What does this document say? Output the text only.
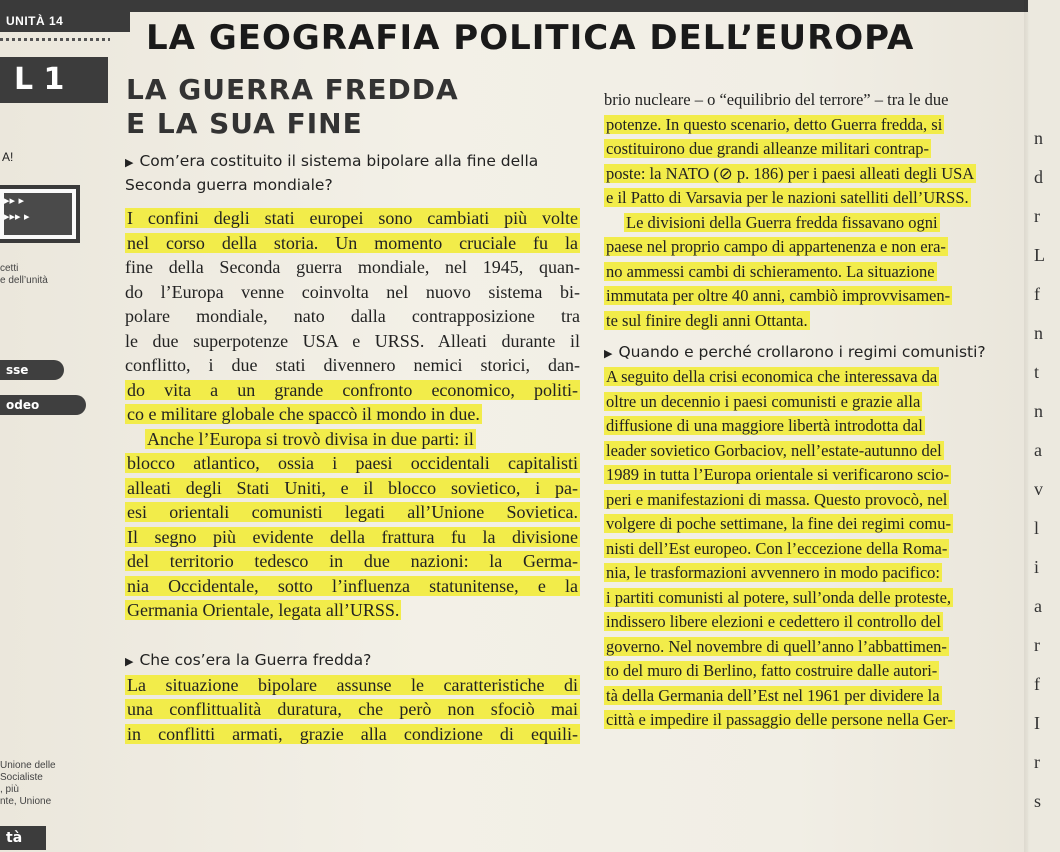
UNITÀ 14	LA GEOGRAFIA POLITICA DELL’EUROPA
L 1	LA GUERRA FREDDA
E LA SUA FINE
A!
▸▸ ▸
▸▸▸ ▸
cetti
e dell’unità
sse
odeo
Unione delle
Socialiste
, più
nte, Unione
tà
▶ Com’era costituito il sistema bipolare alla fine della Seconda guerra mondiale?

I confini degli stati europei sono cambiati più volte
nel corso della storia. Un momento cruciale fu la
fine della Seconda guerra mondiale, nel 1945, quan-
do l’Europa venne coinvolta nel nuovo sistema bi-
polare mondiale, nato dalla contrapposizione tra
le due superpotenze USA e URSS. Alleati durante il
conflitto, i due stati divennero nemici storici, dan-
do vita a un grande confronto economico, politi-
co e militare globale che spaccò il mondo in due.

Anche l’Europa si trovò divisa in due parti: il
blocco atlantico, ossia i paesi occidentali capitalisti
alleati degli Stati Uniti, e il blocco sovietico, i pa-
esi orientali comunisti legati all’Unione Sovietica.
Il segno più evidente della frattura fu la divisione
del territorio tedesco in due nazioni: la Germa-
nia Occidentale, sotto l’influenza statunitense, e la
Germania Orientale, legata all’URSS.

▶ Che cos’era la Guerra fredda?

La situazione bipolare assunse le caratteristiche di
una conflittualità duratura, che però non sfociò mai
in conflitti armati, grazie alla condizione di equili-

brio nucleare – o “equilibrio del terrore” – tra le due
potenze. In questo scenario, detto Guerra fredda, si
costituirono due grandi alleanze militari contrap-
poste: la NATO (⊘ p. 186) per i paesi alleati degli USA
e il Patto di Varsavia per le nazioni satelliti dell’URSS.

Le divisioni della Guerra fredda fissavano ogni
paese nel proprio campo di appartenenza e non era-
no ammessi cambi di schieramento. La situazione
immutata per oltre 40 anni, cambiò improvvisamen-
te sul finire degli anni Ottanta.

▶ Quando e perché crollarono i regimi comunisti?

A seguito della crisi economica che interessava da
oltre un decennio i paesi comunisti e grazie alla
diffusione di una maggiore libertà introdotta dal
leader sovietico Gorbaciov, nell’estate-autunno del
1989 in tutta l’Europa orientale si verificarono scio-
peri e manifestazioni di massa. Questo provocò, nel
volgere di poche settimane, la fine dei regimi comu-
nisti dell’Est europeo. Con l’eccezione della Roma-
nia, le trasformazioni avvennero in modo pacifico:
i partiti comunisti al potere, sull’onda delle proteste,
indissero libere elezioni e cedettero il controllo del
governo. Nel novembre di quell’anno l’abbattimen-
to del muro di Berlino, fatto costruire dalle autori-
tà della Germania dell’Est nel 1961 per dividere la
città e impedire il passaggio delle persone nella Ger-

n
d
r
L
f
n
t
n
a
v
l
i
a
r
f
I
r
s
